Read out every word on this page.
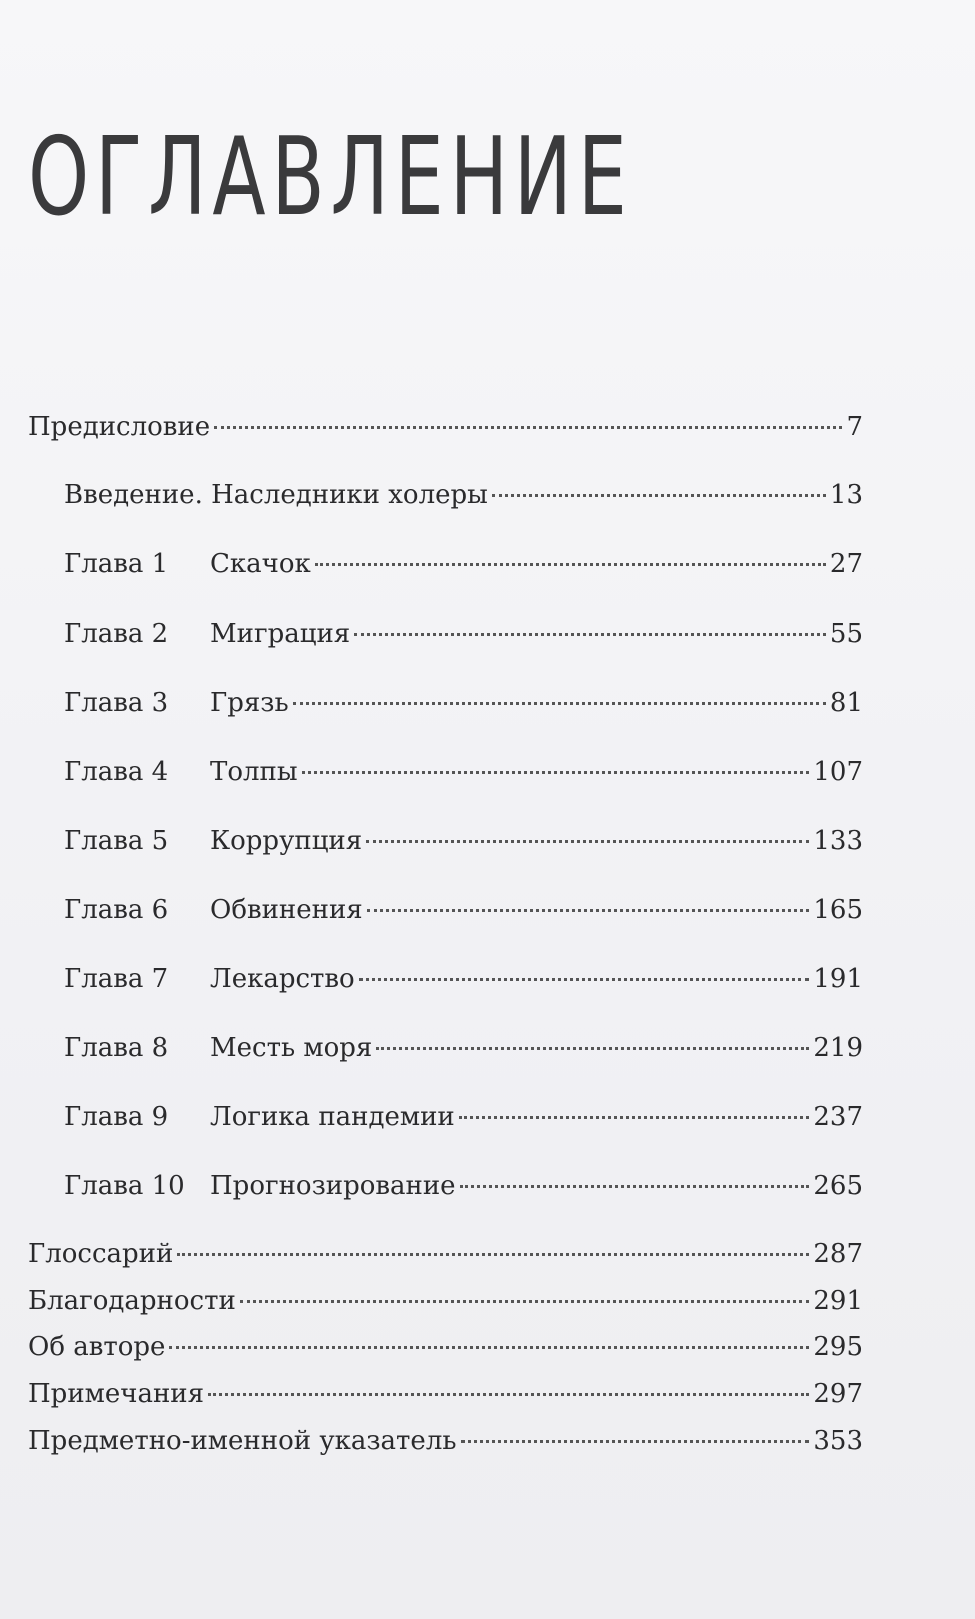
ОГЛАВЛЕНИЕ
Предисловие	7
Введение. Наследники холеры	13
Глава 1	Скачок	27
Глава 2	Миграция	55
Глава 3	Грязь	81
Глава 4	Толпы	107
Глава 5	Коррупция	133
Глава 6	Обвинения	165
Глава 7	Лекарство	191
Глава 8	Месть моря	219
Глава 9	Логика пандемии	237
Глава 10 Прогнозирование	265
Глоссарий	287
Благодарности	291
Об авторе	295
Примечания	297
Предметно-именной указатель	353
